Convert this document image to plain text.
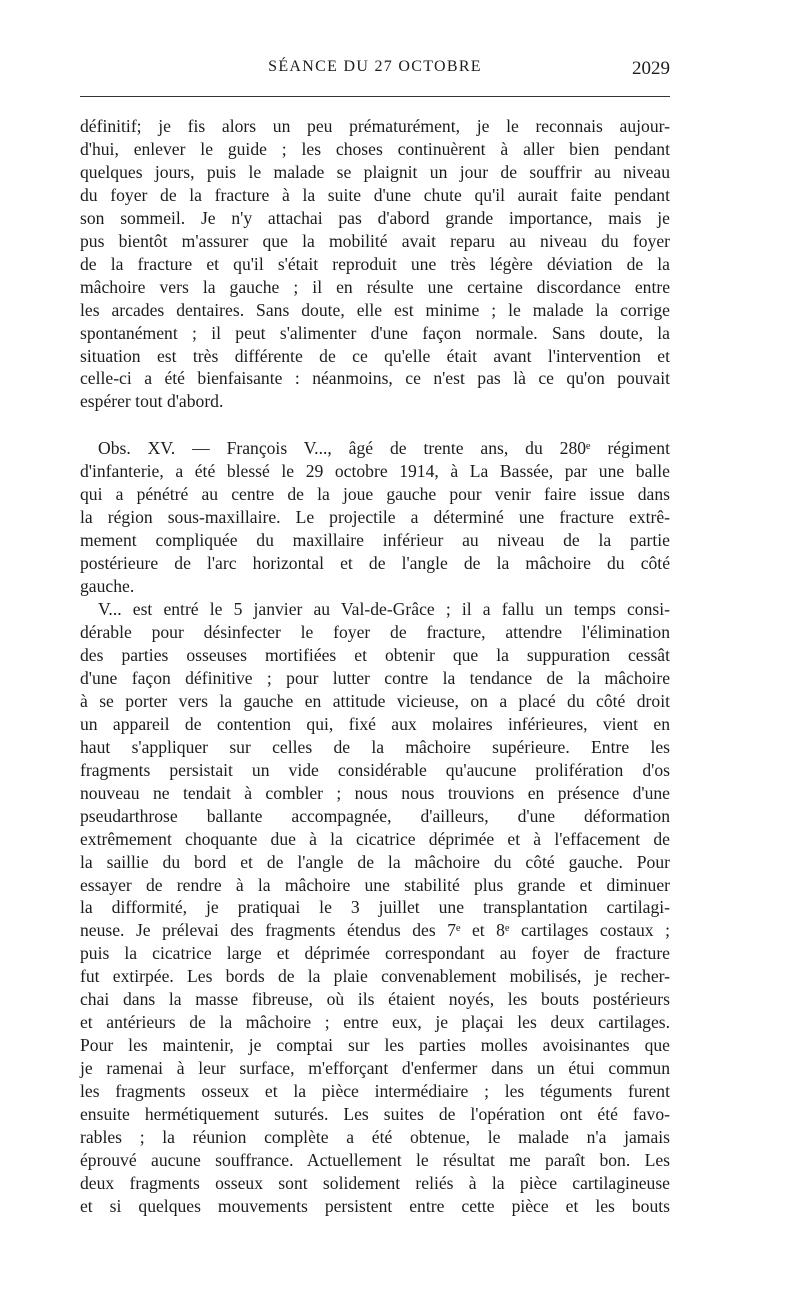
SÉANCE DU 27 OCTOBRE	2029

définitif; je fis alors un peu prématurément, je le reconnais aujour-

d'hui, enlever le guide ; les choses continuèrent à aller bien pendant

quelques jours, puis le malade se plaignit un jour de souffrir au niveau

du foyer de la fracture à la suite d'une chute qu'il aurait faite pendant

son sommeil. Je n'y attachai pas d'abord grande importance, mais je

pus bientôt m'assurer que la mobilité avait reparu au niveau du foyer

de la fracture et qu'il s'était reproduit une très légère déviation de la

mâchoire vers la gauche ; il en résulte une certaine discordance entre

les arcades dentaires. Sans doute, elle est minime ; le malade la corrige

spontanément ; il peut s'alimenter d'une façon normale. Sans doute, la

situation est très différente de ce qu'elle était avant l'intervention et

celle-ci a été bienfaisante : néanmoins, ce n'est pas là ce qu'on pouvait

espérer tout d'abord.

Obs. XV. — François V..., âgé de trente ans, du 280ᵉ régiment

d'infanterie, a été blessé le 29 octobre 1914, à La Bassée, par une balle

qui a pénétré au centre de la joue gauche pour venir faire issue dans

la région sous-maxillaire. Le projectile a déterminé une fracture extrê-

mement compliquée du maxillaire inférieur au niveau de la partie

postérieure de l'arc horizontal et de l'angle de la mâchoire du côté

gauche.

V... est entré le 5 janvier au Val-de-Grâce ; il a fallu un temps consi-

dérable pour désinfecter le foyer de fracture, attendre l'élimination

des parties osseuses mortifiées et obtenir que la suppuration cessât

d'une façon définitive ; pour lutter contre la tendance de la mâchoire

à se porter vers la gauche en attitude vicieuse, on a placé du côté droit

un appareil de contention qui, fixé aux molaires inférieures, vient en

haut s'appliquer sur celles de la mâchoire supérieure. Entre les

fragments persistait un vide considérable qu'aucune prolifération d'os

nouveau ne tendait à combler ; nous nous trouvions en présence d'une

pseudarthrose ballante accompagnée, d'ailleurs, d'une déformation

extrêmement choquante due à la cicatrice déprimée et à l'effacement de

la saillie du bord et de l'angle de la mâchoire du côté gauche. Pour

essayer de rendre à la mâchoire une stabilité plus grande et diminuer

la difformité, je pratiquai le 3 juillet une transplantation cartilagi-

neuse. Je prélevai des fragments étendus des 7ᵉ et 8ᵉ cartilages costaux ;

puis la cicatrice large et déprimée correspondant au foyer de fracture

fut extirpée. Les bords de la plaie convenablement mobilisés, je recher-

chai dans la masse fibreuse, où ils étaient noyés, les bouts postérieurs

et antérieurs de la mâchoire ; entre eux, je plaçai les deux cartilages.

Pour les maintenir, je comptai sur les parties molles avoisinantes que

je ramenai à leur surface, m'efforçant d'enfermer dans un étui commun

les fragments osseux et la pièce intermédiaire ; les téguments furent

ensuite hermétiquement suturés. Les suites de l'opération ont été favo-

rables ; la réunion complète a été obtenue, le malade n'a jamais

éprouvé aucune souffrance. Actuellement le résultat me paraît bon. Les

deux fragments osseux sont solidement reliés à la pièce cartilagineuse

et si quelques mouvements persistent entre cette pièce et les bouts
